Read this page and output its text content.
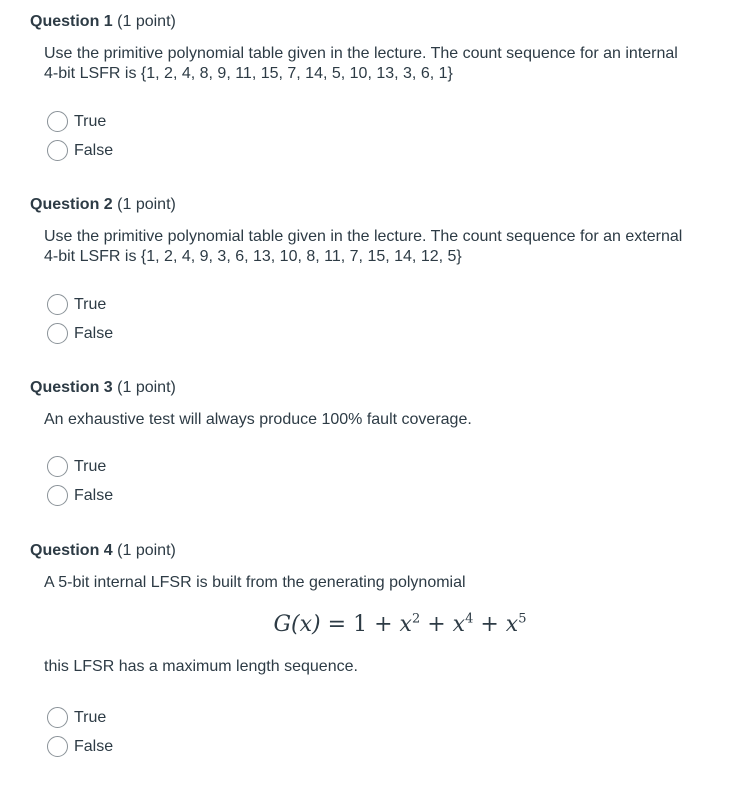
Question 1 (1 point)

Use the primitive polynomial table given in the lecture. The count sequence for an internal 4-bit LSFR is {1, 2, 4, 8, 9, 11, 15, 7, 14, 5, 10, 13, 3, 6, 1}
True
False

Question 2 (1 point)

Use the primitive polynomial table given in the lecture. The count sequence for an external 4-bit LSFR is {1, 2, 4, 9, 3, 6, 13, 10, 8, 11, 7, 15, 14, 12, 5}
True
False

Question 3 (1 point)

An exhaustive test will always produce 100% fault coverage.
True
False

Question 4 (1 point)

A 5-bit internal LFSR is built from the generating polynomial
$G(x) = 1 + x^2 + x^4 + x^5$
this LFSR has a maximum length sequence.
True
False
